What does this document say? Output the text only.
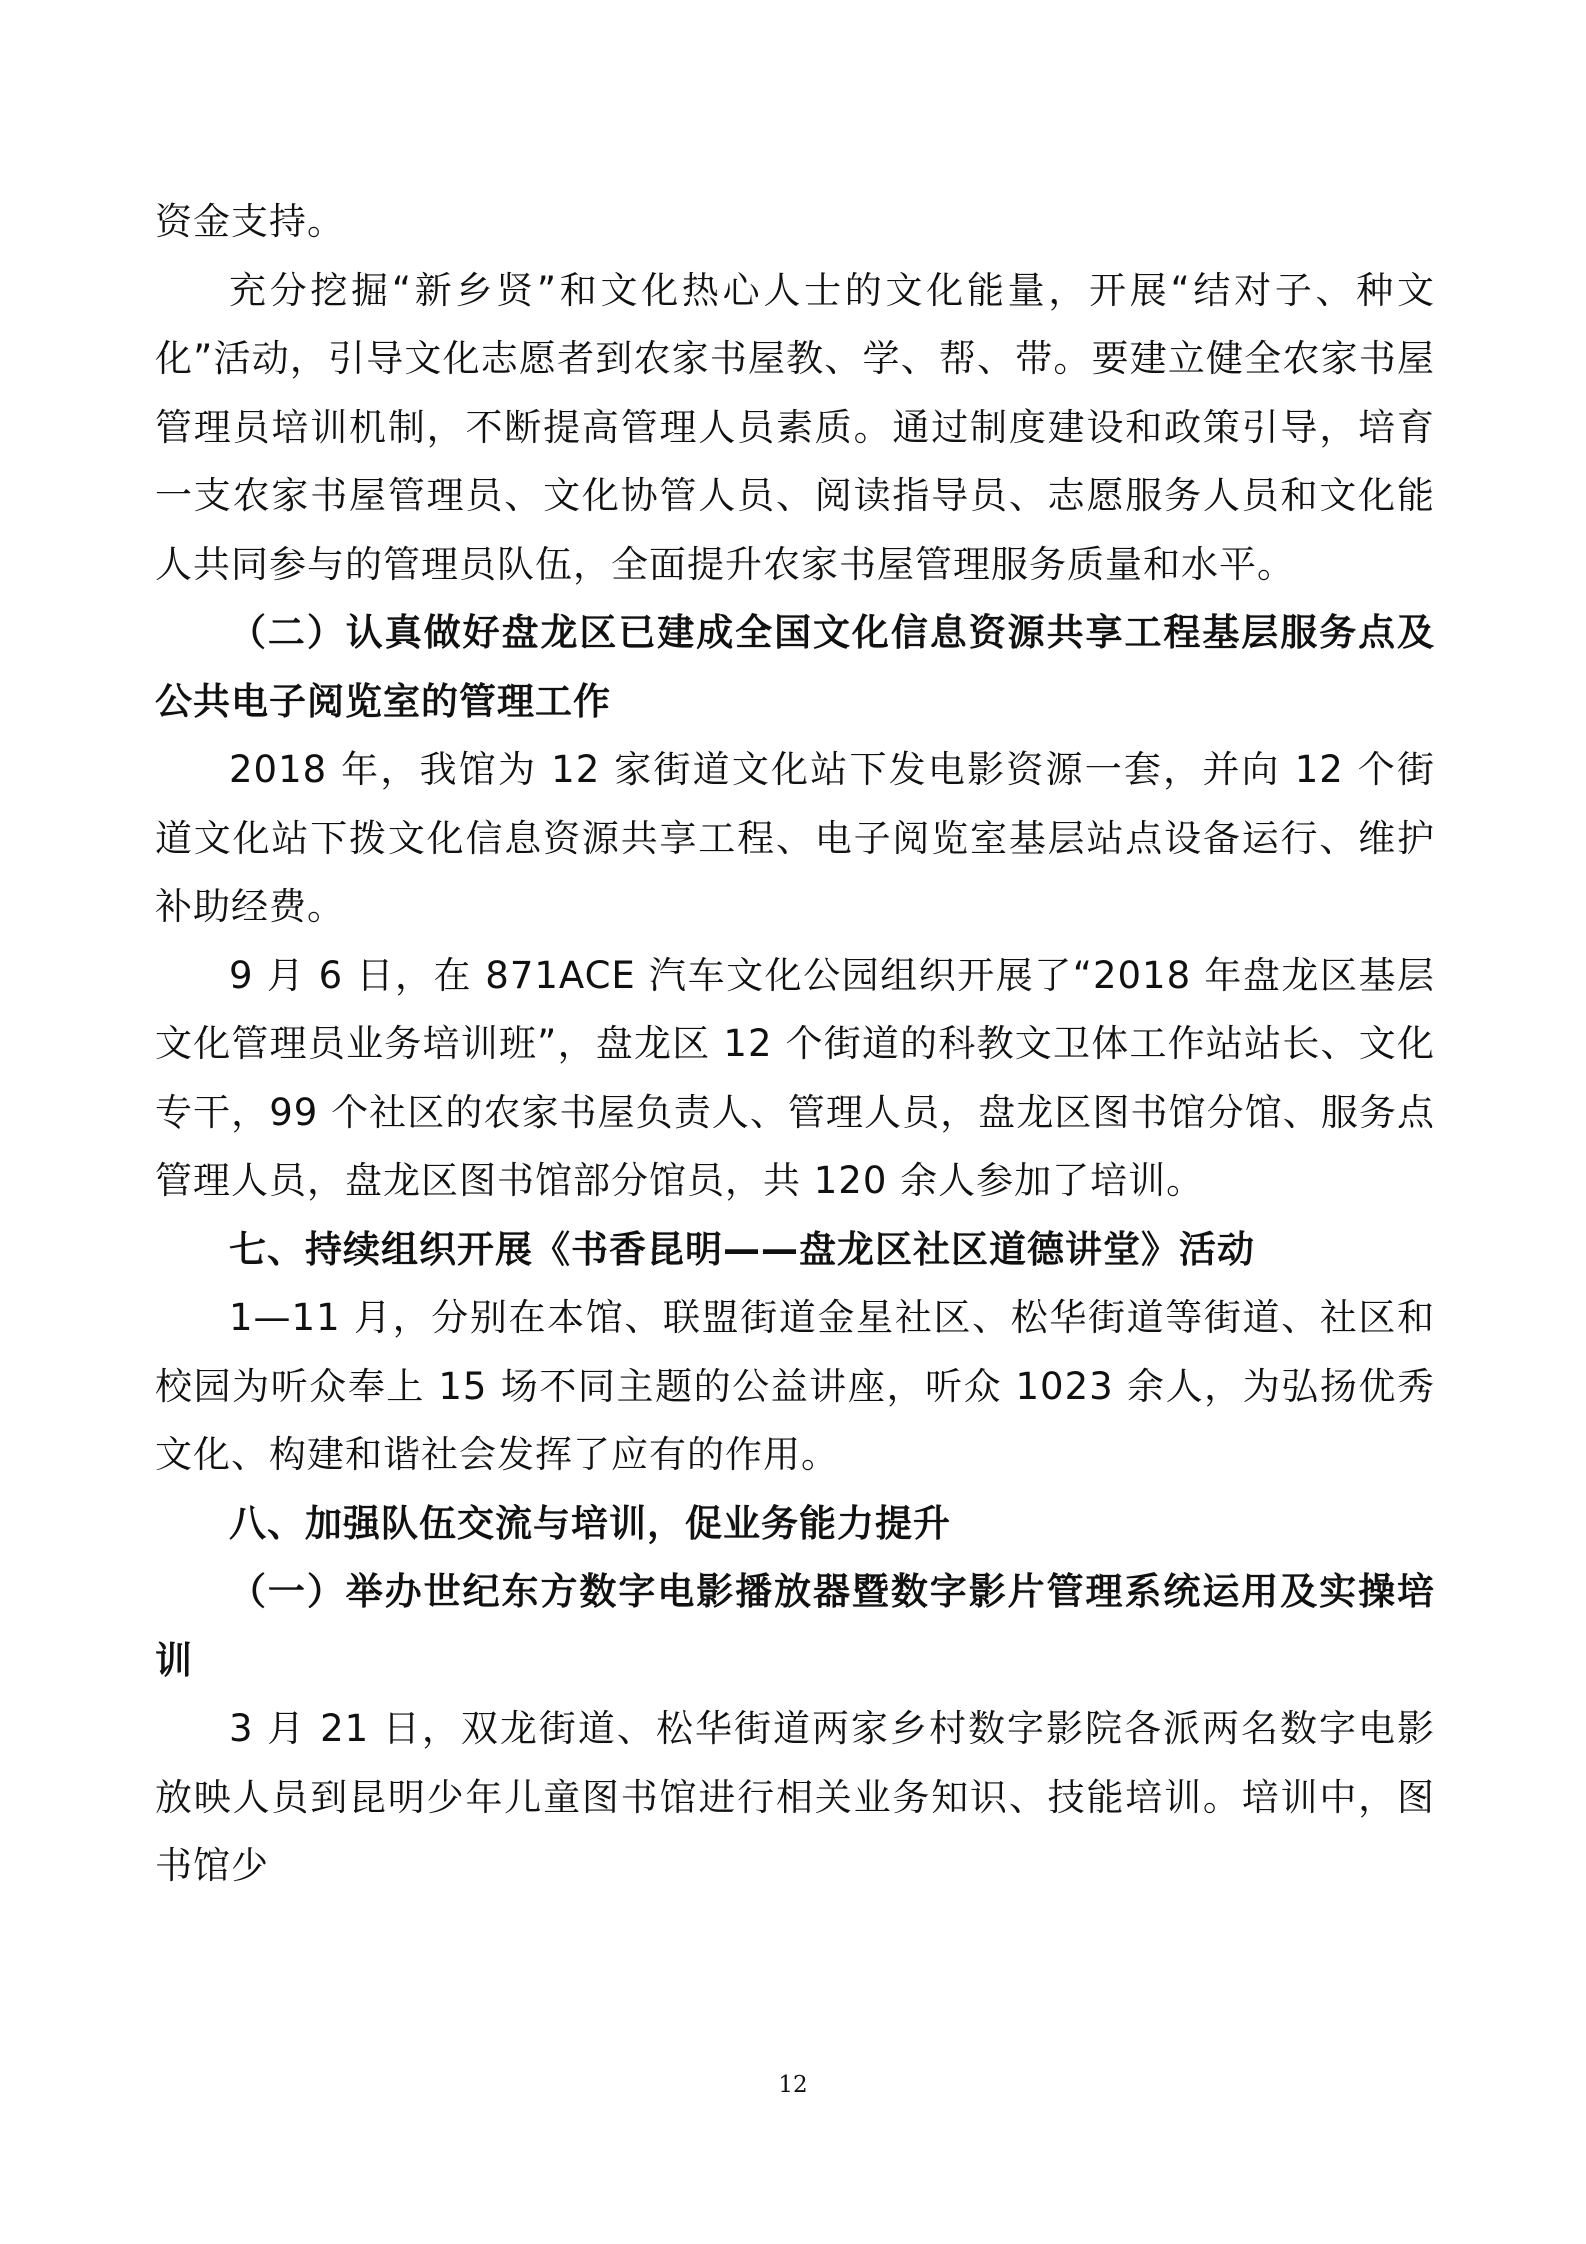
资金支持。

充分挖掘“新乡贤”和文化热心人士的文化能量，开展“结对子、种文化”活动，引导文化志愿者到农家书屋教、学、帮、带。要建立健全农家书屋管理员培训机制，不断提高管理人员素质。通过制度建设和政策引导，培育一支农家书屋管理员、文化协管人员、阅读指导员、志愿服务人员和文化能人共同参与的管理员队伍，全面提升农家书屋管理服务质量和水平。

（二）认真做好盘龙区已建成全国文化信息资源共享工程基层服务点及公共电子阅览室的管理工作

2018 年，我馆为 12 家街道文化站下发电影资源一套，并向 12 个街道文化站下拨文化信息资源共享工程、电子阅览室基层站点设备运行、维护补助经费。

9 月 6 日，在 871ACE 汽车文化公园组织开展了“2018 年盘龙区基层文化管理员业务培训班”，盘龙区 12 个街道的科教文卫体工作站站长、文化专干，99 个社区的农家书屋负责人、管理人员，盘龙区图书馆分馆、服务点管理人员，盘龙区图书馆部分馆员，共 120 余人参加了培训。

七、持续组织开展《书香昆明——盘龙区社区道德讲堂》活动

1—11 月，分别在本馆、联盟街道金星社区、松华街道等街道、社区和校园为听众奉上 15 场不同主题的公益讲座，听众 1023 余人，为弘扬优秀文化、构建和谐社会发挥了应有的作用。

八、加强队伍交流与培训，促业务能力提升

（一）举办世纪东方数字电影播放器暨数字影片管理系统运用及实操培训

3 月 21 日，双龙街道、松华街道两家乡村数字影院各派两名数字电影放映人员到昆明少年儿童图书馆进行相关业务知识、技能培训。培训中，图书馆少

12
